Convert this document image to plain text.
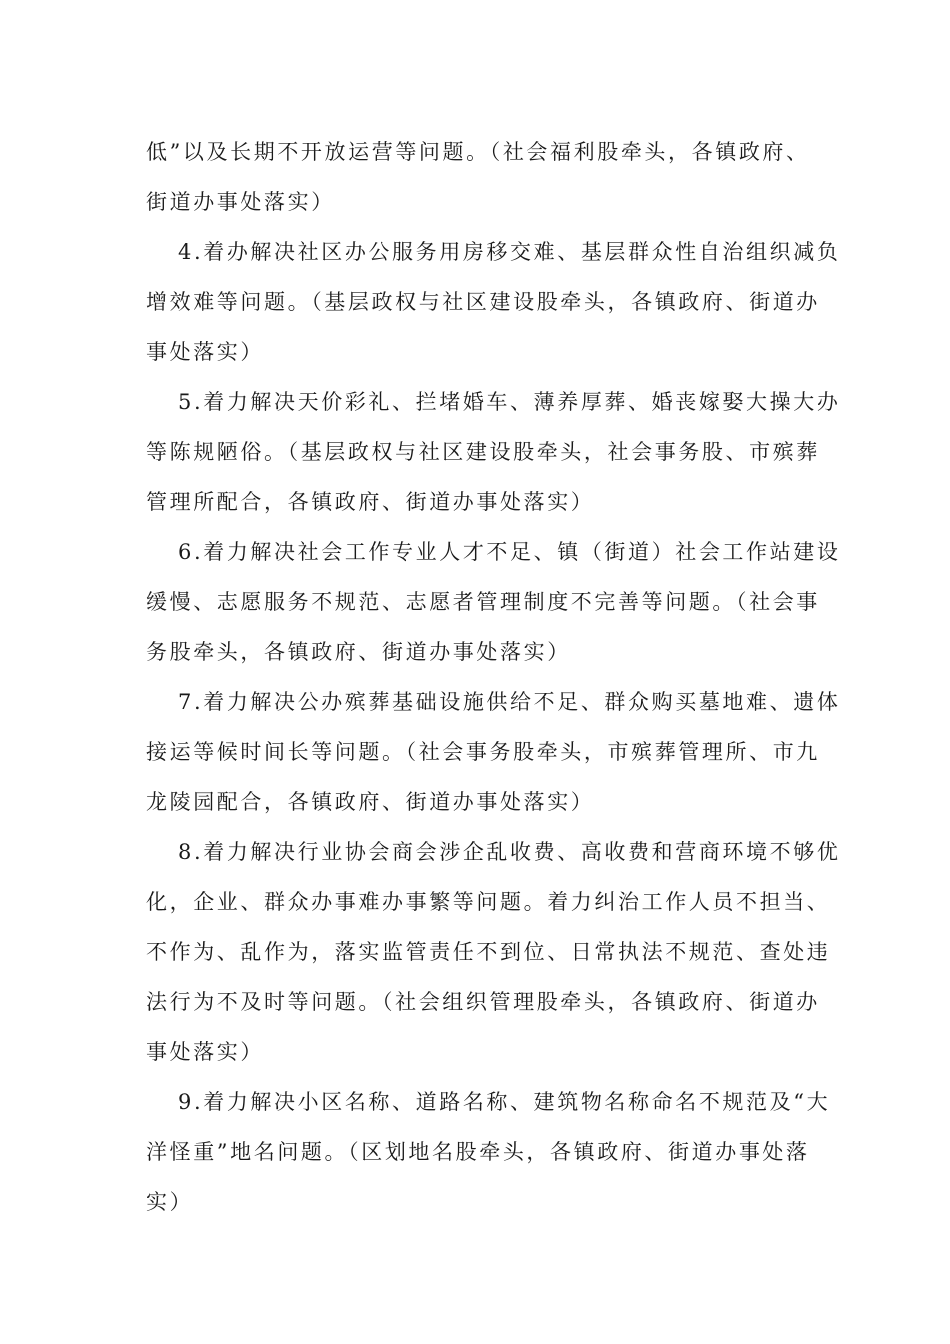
低”以及长期不开放运营等问题。（社会福利股牵头，各镇政府、
街道办事处落实）
4.着办解决社区办公服务用房移交难、基层群众性自治组织减负
增效难等问题。（基层政权与社区建设股牵头，各镇政府、街道办
事处落实）
5.着力解决天价彩礼、拦堵婚车、薄养厚葬、婚丧嫁娶大操大办
等陈规陋俗。（基层政权与社区建设股牵头，社会事务股、市殡葬
管理所配合，各镇政府、街道办事处落实）
6.着力解决社会工作专业人才不足、镇（街道）社会工作站建设
缓慢、志愿服务不规范、志愿者管理制度不完善等问题。（社会事
务股牵头，各镇政府、街道办事处落实）
7.着力解决公办殡葬基础设施供给不足、群众购买墓地难、遗体
接运等候时间长等问题。（社会事务股牵头，市殡葬管理所、市九
龙陵园配合，各镇政府、街道办事处落实）
8.着力解决行业协会商会涉企乱收费、高收费和营商环境不够优
化，企业、群众办事难办事繁等问题。着力纠治工作人员不担当、
不作为、乱作为，落实监管责任不到位、日常执法不规范、查处违
法行为不及时等问题。（社会组织管理股牵头，各镇政府、街道办
事处落实）
9.着力解决小区名称、道路名称、建筑物名称命名不规范及“大
洋怪重”地名问题。（区划地名股牵头，各镇政府、街道办事处落
实）
